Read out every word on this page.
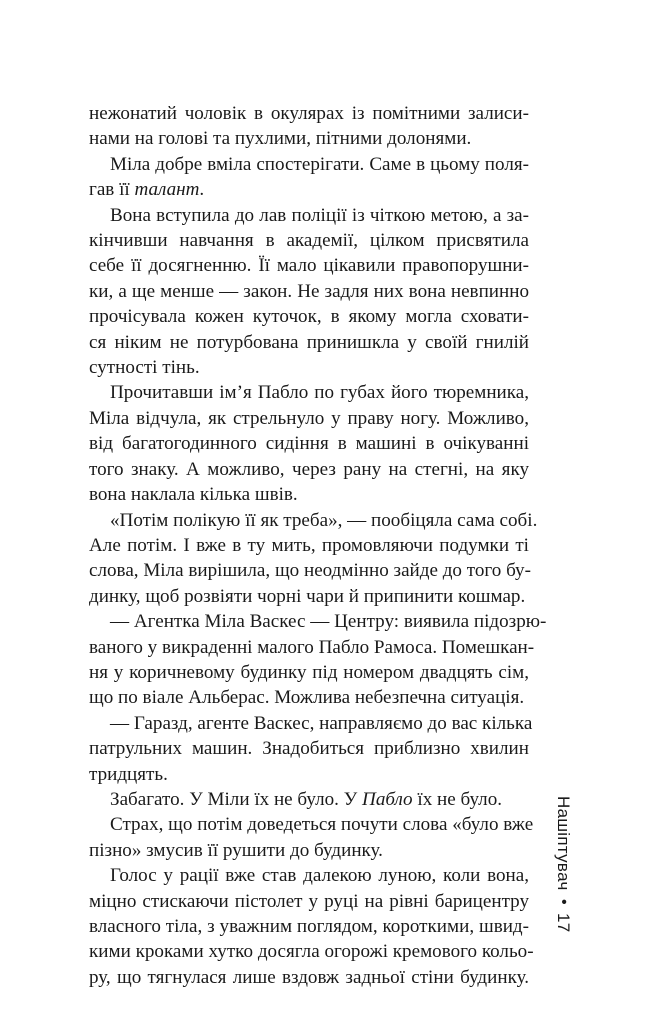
нежонатий чоловік в окулярах із помітними залиси-
нами на голові та пухлими, пітними долонями.
Міла добре вміла спостерігати. Саме в цьому поля-
гав її талант.
Вона вступила до лав поліції із чіткою метою, а за-
кінчивши навчання в академії, цілком присвятила
себе її досягненню. Її мало цікавили правопорушни-
ки, а ще менше — закон. Не задля них вона невпинно
прочісувала кожен куточок, в якому могла сховати-
ся ніким не потурбована принишкла у своїй гнилій
сутності тінь.
Прочитавши ім’я Пабло по губах його тюремника,
Міла відчула, як стрельнуло у праву ногу. Можливо,
від багатогодинного сидіння в машині в очікуванні
того знаку. А можливо, через рану на стегні, на яку
вона наклала кілька швів.
«Потім полікую її як треба», — пообіцяла сама собі.
Але потім. І вже в ту мить, промовляючи подумки ті
слова, Міла вирішила, що неодмінно зайде до того бу-
динку, щоб розвіяти чорні чари й припинити кошмар.
— Агентка Міла Васкес — Центру: виявила підозрю-
ваного у викраденні малого Пабло Рамоса. Помешкан-
ня у коричневому будинку під номером двадцять сім,
що по віале Альберас. Можлива небезпечна ситуація.
— Гаразд, агенте Васкес, направляємо до вас кілька
патрульних машин. Знадобиться приблизно хвилин
тридцять.
Забагато. У Міли їх не було. У Пабло їх не було.
Страх, що потім доведеться почути слова «було вже
пізно» змусив її рушити до будинку.
Голос у рації вже став далекою луною, коли вона,
міцно стискаючи пістолет у руці на рівні барицентру
власного тіла, з уважним поглядом, короткими, швид-
кими кроками хутко досягла огорожі кремового кольо-
ру, що тягнулася лише вздовж задньої стіни будинку.
Нашіптувач
•
17
